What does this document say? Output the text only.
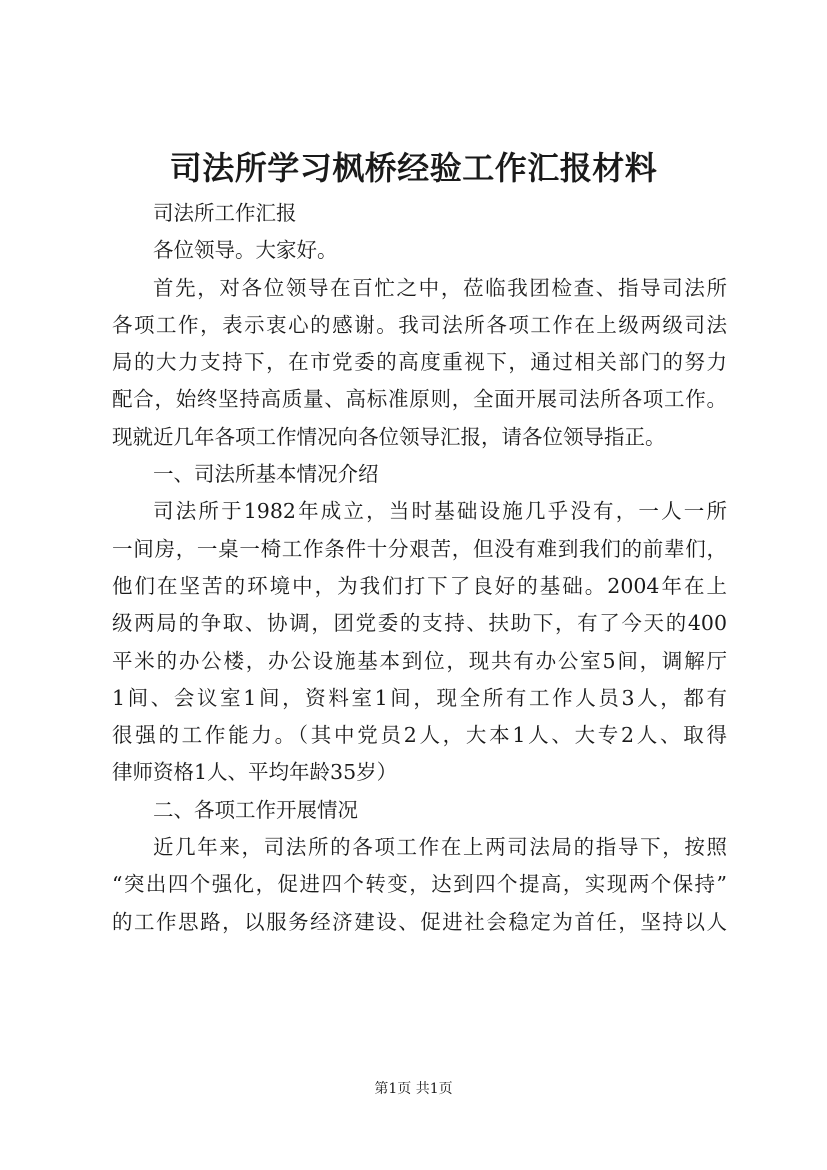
司法所学习枫桥经验工作汇报材料
司法所工作汇报
各位领导。大家好。
首先，对各位领导在百忙之中，莅临我团检查、指导司法所
各项工作，表示衷心的感谢。我司法所各项工作在上级两级司法
局的大力支持下，在市党委的高度重视下，通过相关部门的努力
配合，始终坚持高质量、高标准原则，全面开展司法所各项工作。
现就近几年各项工作情况向各位领导汇报，请各位领导指正。
一、司法所基本情况介绍
司法所于1982年成立，当时基础设施几乎没有，一人一所
一间房，一桌一椅工作条件十分艰苦，但没有难到我们的前辈们，
他们在坚苦的环境中，为我们打下了良好的基础。2004年在上
级两局的争取、协调，团党委的支持、扶助下，有了今天的400
平米的办公楼，办公设施基本到位，现共有办公室5间，调解厅
1间、会议室1间，资料室1间，现全所有工作人员3人，都有
很强的工作能力。（其中党员2人，大本1人、大专2人、取得
律师资格1人、平均年龄35岁）
二、各项工作开展情况
近几年来，司法所的各项工作在上两司法局的指导下，按照
“突出四个强化，促进四个转变，达到四个提高，实现两个保持”
的工作思路，以服务经济建设、促进社会稳定为首任，坚持以人
第1页 共1页
